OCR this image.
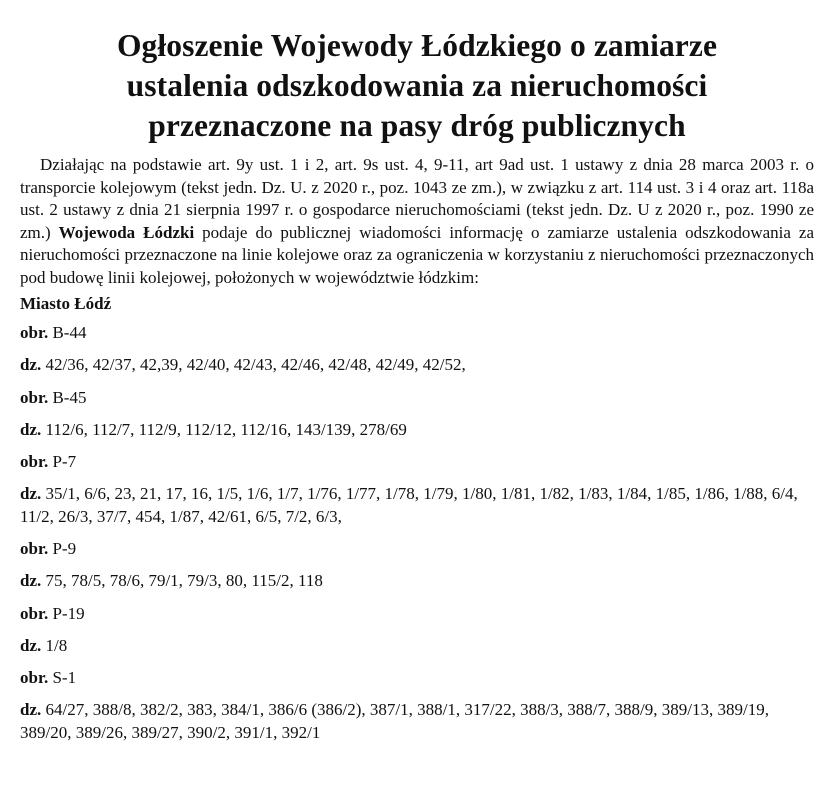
Ogłoszenie Wojewody Łódzkiego o zamiarze
ustalenia odszkodowania za nieruchomości
przeznaczone na pasy dróg publicznych

Działając na podstawie art. 9y ust. 1 i 2, art. 9s ust. 4, 9-11, art 9ad ust. 1 ustawy z dnia 28 marca 2003 r. o transporcie kolejowym (tekst jedn. Dz. U. z 2020 r., poz. 1043 ze zm.), w związku z art. 114 ust. 3 i 4 oraz art. 118a ust. 2 ustawy z dnia 21 sierpnia 1997 r. o gospodarce nieruchomościami (tekst jedn. Dz. U z 2020 r., poz. 1990 ze zm.) Wojewoda Łódzki podaje do publicznej wiadomości informację o zamiarze ustalenia odszkodowania za nieruchomości przeznaczone na linie kolejowe oraz za ograniczenia w korzystaniu z nieruchomości przeznaczonych pod budowę linii kolejowej, położonych w województwie łódzkim:

Miasto Łódź

obr. B-44

dz. 42/36, 42/37, 42,39, 42/40, 42/43, 42/46, 42/48, 42/49, 42/52,

obr. B-45

dz. 112/6, 112/7, 112/9, 112/12, 112/16, 143/139, 278/69

obr. P-7

dz. 35/1, 6/6, 23, 21, 17, 16, 1/5, 1/6, 1/7, 1/76, 1/77, 1/78, 1/79, 1/80, 1/81, 1/82, 1/83, 1/84, 1/85, 1/86, 1/88, 6/4, 11/2, 26/3, 37/7, 454, 1/87, 42/61, 6/5, 7/2, 6/3,

obr. P-9

dz. 75, 78/5, 78/6, 79/1, 79/3, 80, 115/2, 118

obr. P-19

dz. 1/8

obr. S-1

dz. 64/27, 388/8, 382/2, 383, 384/1, 386/6 (386/2), 387/1, 388/1, 317/22, 388/3, 388/7, 388/9, 389/13, 389/19, 389/20, 389/26, 389/27, 390/2, 391/1, 392/1
